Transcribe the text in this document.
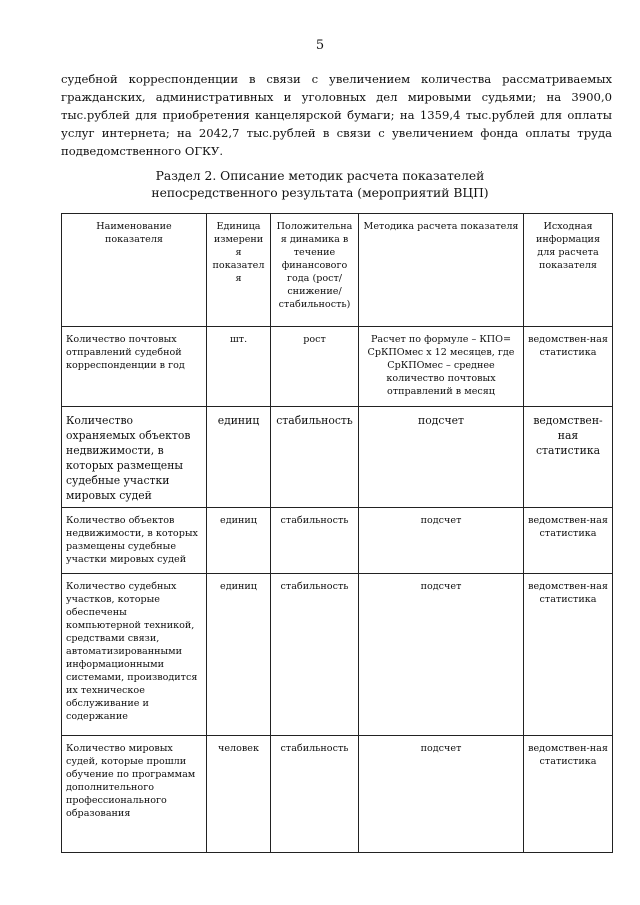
5

судебной корреспонденции в связи с увеличением количества рассматриваемых гражданских, административных и уголовных дел мировыми судьями; на 3900,0 тыс.рублей для приобретения канцелярской бумаги; на 1359,4 тыс.рублей для оплаты услуг интернета; на 2042,7 тыс.рублей в связи с увеличением фонда оплаты труда подведомственного ОГКУ.

Раздел 2. Описание методик расчета показателей
непосредственного результата (мероприятий ВЦП)
Наименование показателя	Единица измерения показателя	Положительная динамика в течение финансового года (рост/снижение/ стабильность)	Методика расчета показателя	Исходная информация для расчета показателя
Количество почтовых отправлений судебной корреспонденции в год	шт.	рост	Расчет по формуле – КПО= СрКПОмес х 12 месяцев, где СрКПОмес – среднее количество почтовых отправлений в месяц	ведомствен-ная статистика
Количество охраняемых объектов недвижимости, в которых размещены судебные участки мировых судей	единиц	стабильность	подсчет	ведомствен-ная статистика
Количество объектов недвижимости, в которых размещены судебные участки мировых судей	единиц	стабильность	подсчет	ведомствен-ная статистика
Количество судебных участков, которые обеспечены компьютерной техникой, средствами связи, автоматизированными информационными системами, производится их техническое обслуживание и содержание	единиц	стабильность	подсчет	ведомствен-ная статистика
Количество мировых судей, которые прошли обучение по программам дополнительного профессионального образования	человек	стабильность	подсчет	ведомствен-ная статистика
